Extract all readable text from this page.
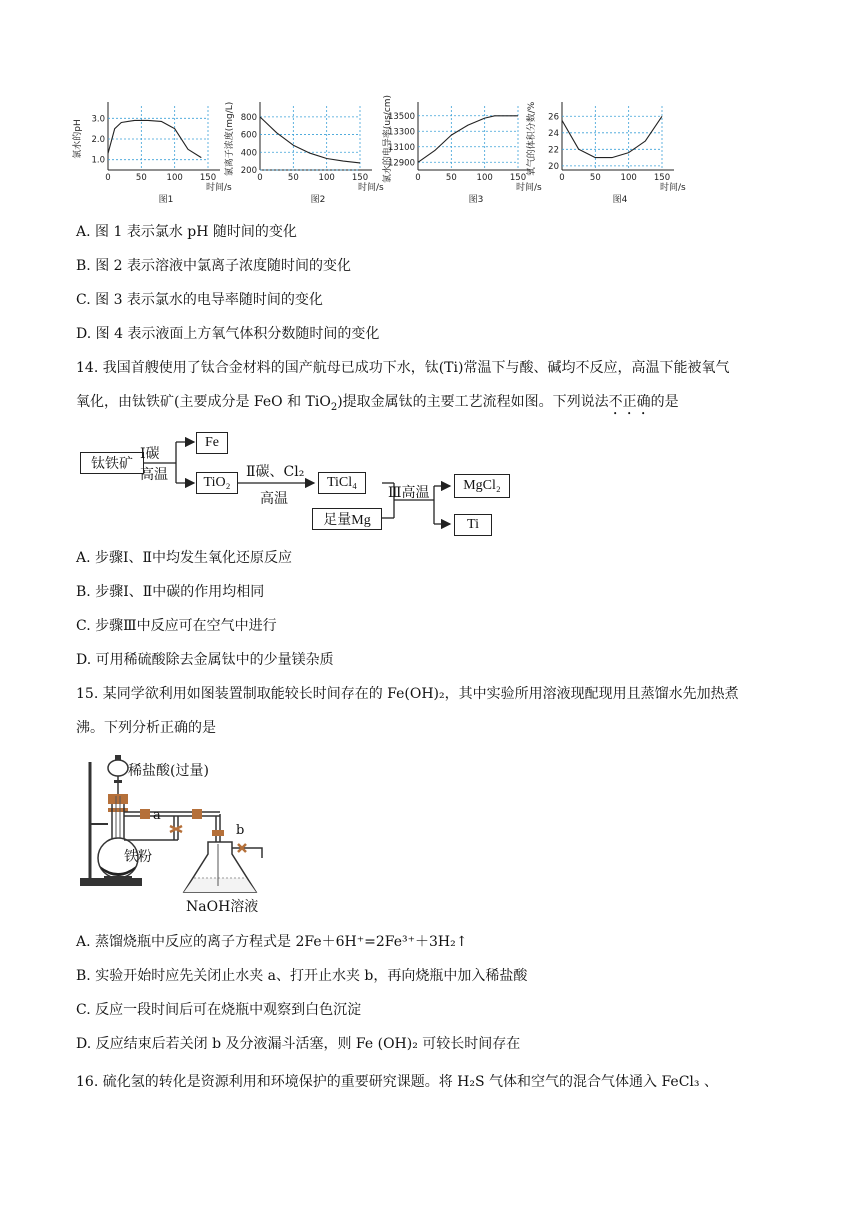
1.0
2.0
3.0
0	50 100 150
氯水的pH
时间/s
图1
200
400
600
800
0	50 100 150
氯离子浓度(mg/L)
时间/s
图2
12900
13100
13300
13500
0	50 100 150
氯水的电导率(us/cm)
时间/s
图3
20
22
24
26
0	50 100 150
氧气的体积分数/%
时间/s
图4
A. 图 1 表示氯水 pH 随时间的变化
B. 图 2 表示溶液中氯离子浓度随时间的变化
C. 图 3 表示氯水的电导率随时间的变化
D. 图 4 表示液面上方氧气体积分数随时间的变化
14. 我国首艘使用了钛合金材料的国产航母已成功下水，钛(Ti)常温下与酸、碱均不反应，高温下能被氧气
氧化，由钛铁矿(主要成分是 FeO 和 TiO$_2$)提取金属钛的主要工艺流程如图。下列说法不正确的是
钛铁矿
Ⅰ碳
高温
Fe
TiO₂
Ⅱ碳、Cl₂
高温
TiCl₄
足量Mg
Ⅲ高温	MgCl₂
Ti
A. 步骤Ⅰ、Ⅱ中均发生氧化还原反应
B. 步骤Ⅰ、Ⅱ中碳的作用均相同
C. 步骤Ⅲ中反应可在空气中进行
D. 可用稀硫酸除去金属钛中的少量镁杂质
15. 某同学欲利用如图装置制取能较长时间存在的 Fe(OH)₂，其中实验所用溶液现配现用且蒸馏水先加热煮
沸。下列分析正确的是
稀盐酸(过量)
a
b
铁粉
NaOH溶液
A. 蒸馏烧瓶中反应的离子方程式是 2Fe＋6H⁺=2Fe³⁺＋3H₂↑
B. 实验开始时应先关闭止水夹 a、打开止水夹 b，再向烧瓶中加入稀盐酸
C. 反应一段时间后可在烧瓶中观察到白色沉淀
D. 反应结束后若关闭 b 及分液漏斗活塞，则 Fe (OH)₂ 可较长时间存在
16. 硫化氢的转化是资源利用和环境保护的重要研究课题。将 H₂S 气体和空气的混合气体通入 FeCl₃ 、
